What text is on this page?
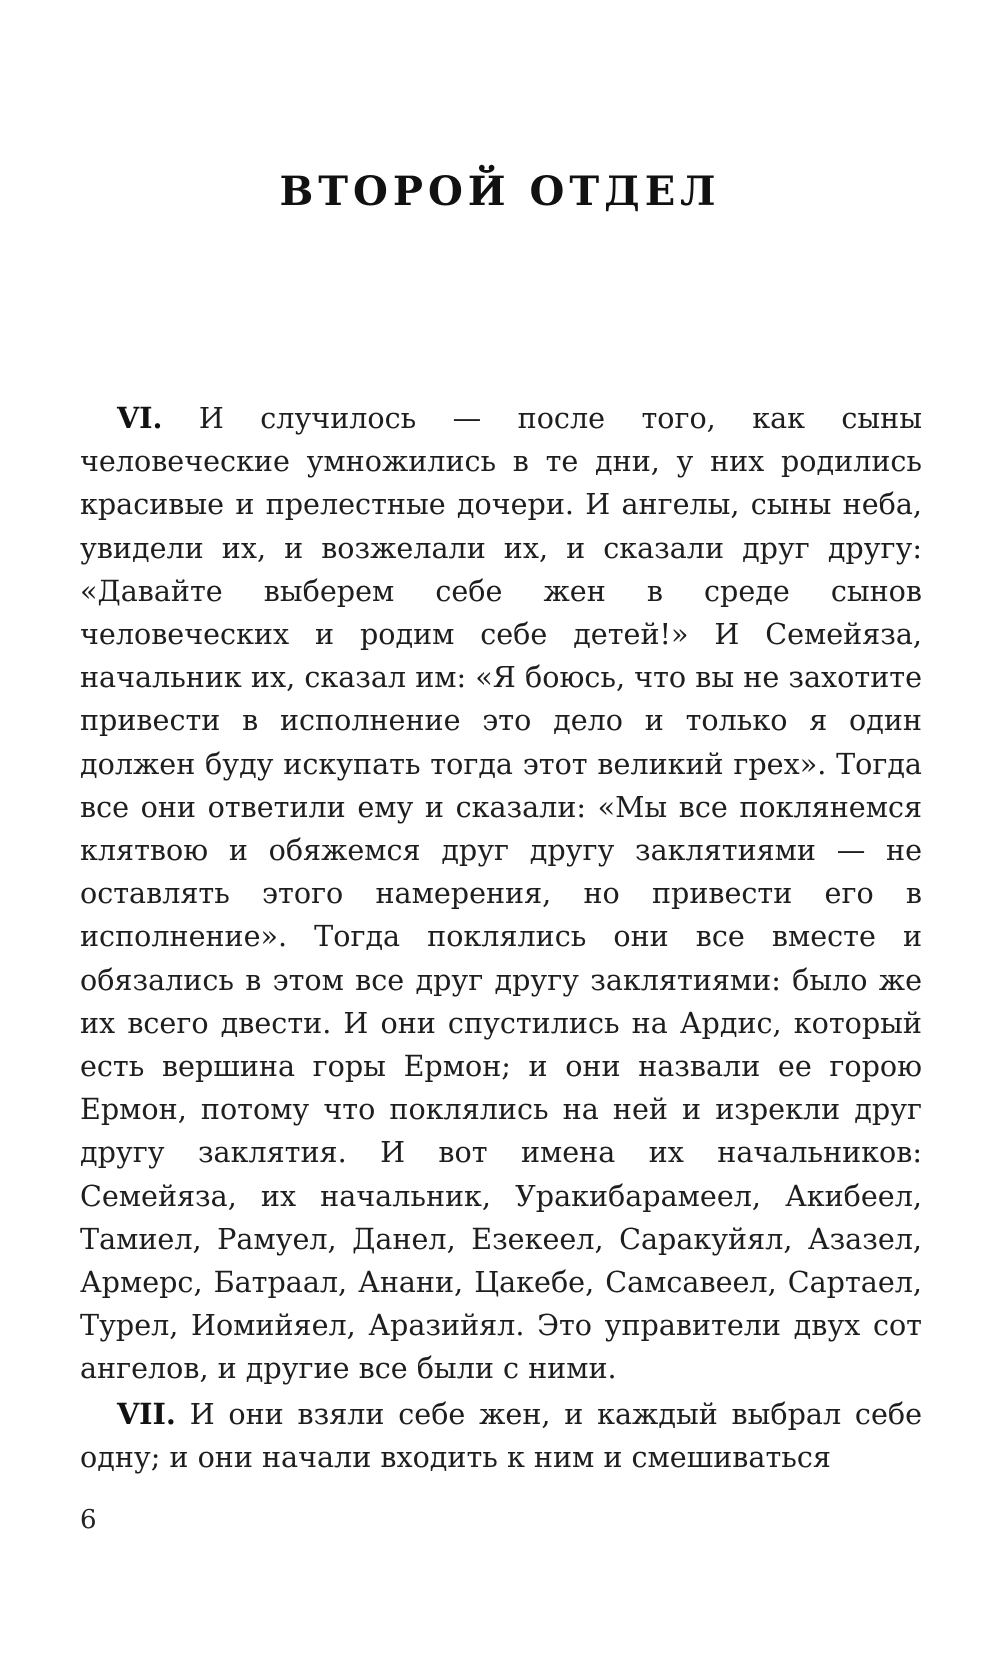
ВТОРОЙ ОТДЕЛ

VI. И случилось — после того, как сыны человеческие умножились в те дни, у них родились красивые и прелестные дочери. И ангелы, сыны неба, увидели их, и возжелали их, и сказали друг другу: «Давайте выберем себе жен в среде сынов человеческих и родим себе детей!» И Семейяза, начальник их, сказал им: «Я боюсь, что вы не захотите привести в исполнение это дело и только я один должен буду искупать тогда этот великий грех». Тогда все они ответили ему и сказали: «Мы все поклянемся клятвою и обяжемся друг другу заклятиями — не оставлять этого намерения, но привести его в исполнение». Тогда поклялись они все вместе и обязались в этом все друг другу заклятиями: было же их всего двести. И они спустились на Ардис, который есть вершина горы Ермон; и они назвали ее горою Ермон, потому что поклялись на ней и изрекли друг другу заклятия. И вот имена их начальников: Семейяза, их начальник, Уракибарамеел, Акибеел, Тамиел, Рамуел, Данел, Езекеел, Саракуйял, Азазел, Армерс, Батраал, Анани, Цакебе, Самсавеел, Сартаел, Турел, Иомийяел, Аразийял. Это управители двух сот ангелов, и другие все были с ними.

VII. И они взяли себе жен, и каждый выбрал себе одну; и они начали входить к ним и смешиваться

6
